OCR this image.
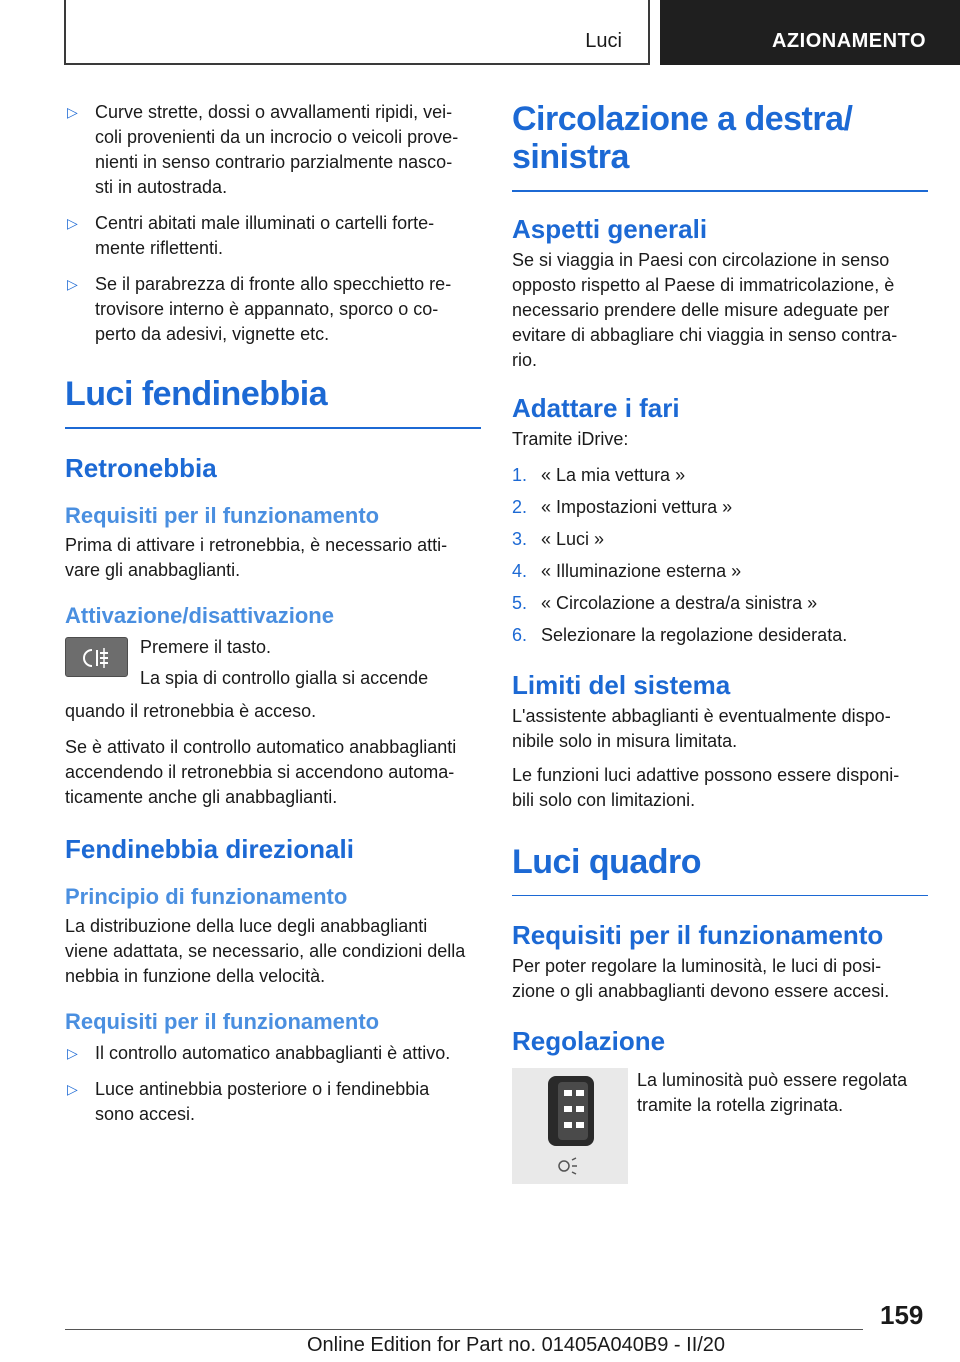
Luci	AZIONAMENTO
▷ Curve strette, dossi o avvallamenti ripidi, vei-
coli provenienti da un incrocio o veicoli prove-
nienti in senso contrario parzialmente nasco-
sti in autostrada.
▷ Centri abitati male illuminati o cartelli forte-
mente riflettenti.
▷ Se il parabrezza di fronte allo specchietto re-
trovisore interno è appannato, sporco o co-
perto da adesivi, vignette etc.
Luci fendinebbia
Retronebbia
Requisiti per il funzionamento

Prima di attivare i retronebbia, è necessario atti-
vare gli anabbaglianti.

Attivazione/disattivazione

Premere il tasto.

La spia di controllo gialla si accende

quando il retronebbia è acceso.

Se è attivato il controllo automatico anabbaglianti
accendendo il retronebbia si accendono automa-
ticamente anche gli anabbaglianti.

Fendinebbia direzionali
Principio di funzionamento

La distribuzione della luce degli anabbaglianti
viene adattata, se necessario, alle condizioni della
nebbia in funzione della velocità.

Requisiti per il funzionamento
▷ Il controllo automatico anabbaglianti è attivo.
▷ Luce antinebbia posteriore o i fendinebbia
sono accesi.
Circolazione a destra/
sinistra
Aspetti generali

Se si viaggia in Paesi con circolazione in senso
opposto rispetto al Paese di immatricolazione, è
necessario prendere delle misure adeguate per
evitare di abbagliare chi viaggia in senso contra-
rio.

Adattare i fari

Tramite iDrive:

1. « La mia vettura »
2. « Impostazioni vettura »
3. « Luci »
4. « Illuminazione esterna »
5. « Circolazione a destra/a sinistra »
6. Selezionare la regolazione desiderata.
Limiti del sistema

L'assistente abbaglianti è eventualmente dispo-
nibile solo in misura limitata.

Le funzioni luci adattive possono essere disponi-
bili solo con limitazioni.

Luci quadro
Requisiti per il funzionamento

Per poter regolare la luminosità, le luci di posi-
zione o gli anabbaglianti devono essere accesi.

Regolazione

La luminosità può essere regolata
tramite la rotella zigrinata.

159
Online Edition for Part no. 01405A040B9 - II/20
